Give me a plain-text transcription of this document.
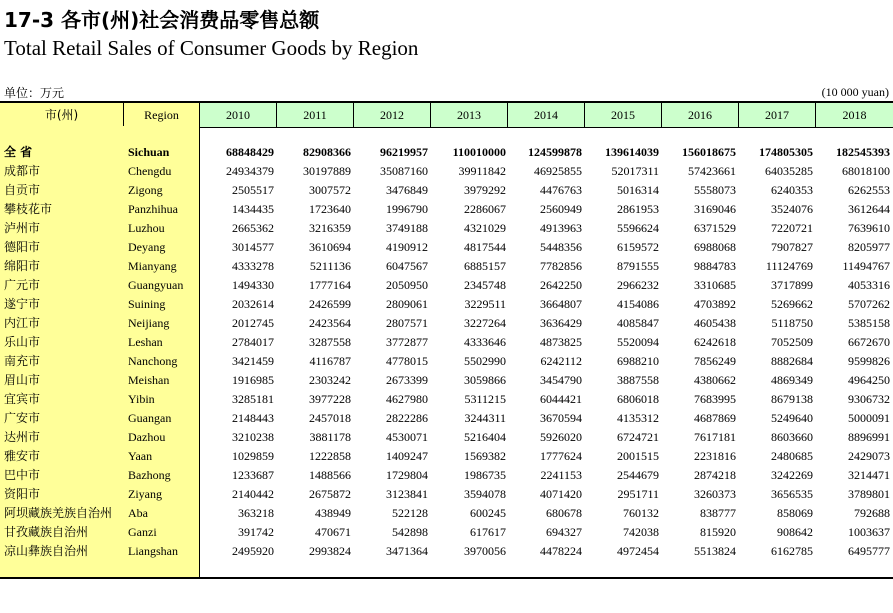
17-3 各市(州)社会消费品零售总额
Total Retail Sales of Consumer Goods by Region
单位：万元	(10 000 yuan)
市(州)	Region	2010	2011	2012	2013	2014	2015	2016	2017	2018
全 省	Sichuan	68848429	82908366	96219957	110010000	124599878	139614039	156018675	174805305	182545393
成都市	Chengdu	24934379	30197889	35087160	39911842	46925855	52017311	57423661	64035285	68018100
自贡市	Zigong	2505517	3007572	3476849	3979292	4476763	5016314	5558073	6240353	6262553
攀枝花市	Panzhihua	1434435	1723640	1996790	2286067	2560949	2861953	3169046	3524076	3612644
泸州市	Luzhou	2665362	3216359	3749188	4321029	4913963	5596624	6371529	7220721	7639610
德阳市	Deyang	3014577	3610694	4190912	4817544	5448356	6159572	6988068	7907827	8205977
绵阳市	Mianyang	4333278	5211136	6047567	6885157	7782856	8791555	9884783	11124769	11494767
广元市	Guangyuan	1494330	1777164	2050950	2345748	2642250	2966232	3310685	3717899	4053316
遂宁市	Suining	2032614	2426599	2809061	3229511	3664807	4154086	4703892	5269662	5707262
内江市	Neijiang	2012745	2423564	2807571	3227264	3636429	4085847	4605438	5118750	5385158
乐山市	Leshan	2784017	3287558	3772877	4333646	4873825	5520094	6242618	7052509	6672670
南充市	Nanchong	3421459	4116787	4778015	5502990	6242112	6988210	7856249	8882684	9599826
眉山市	Meishan	1916985	2303242	2673399	3059866	3454790	3887558	4380662	4869349	4964250
宜宾市	Yibin	3285181	3977228	4627980	5311215	6044421	6806018	7683995	8679138	9306732
广安市	Guangan	2148443	2457018	2822286	3244311	3670594	4135312	4687869	5249640	5000091
达州市	Dazhou	3210238	3881178	4530071	5216404	5926020	6724721	7617181	8603660	8896991
雅安市	Yaan	1029859	1222858	1409247	1569382	1777624	2001515	2231816	2480685	2429073
巴中市	Bazhong	1233687	1488566	1729804	1986735	2241153	2544679	2874218	3242269	3214471
资阳市	Ziyang	2140442	2675872	3123841	3594078	4071420	2951711	3260373	3656535	3789801
阿坝藏族羌族自治州 Aba	363218	438949	522128	600245	680678	760132	838777	858069	792688
甘孜藏族自治州	Ganzi	391742	470671	542898	617617	694327	742038	815920	908642	1003637
凉山彝族自治州	Liangshan	2495920	2993824	3471364	3970056	4478224	4972454	5513824	6162785	6495777
